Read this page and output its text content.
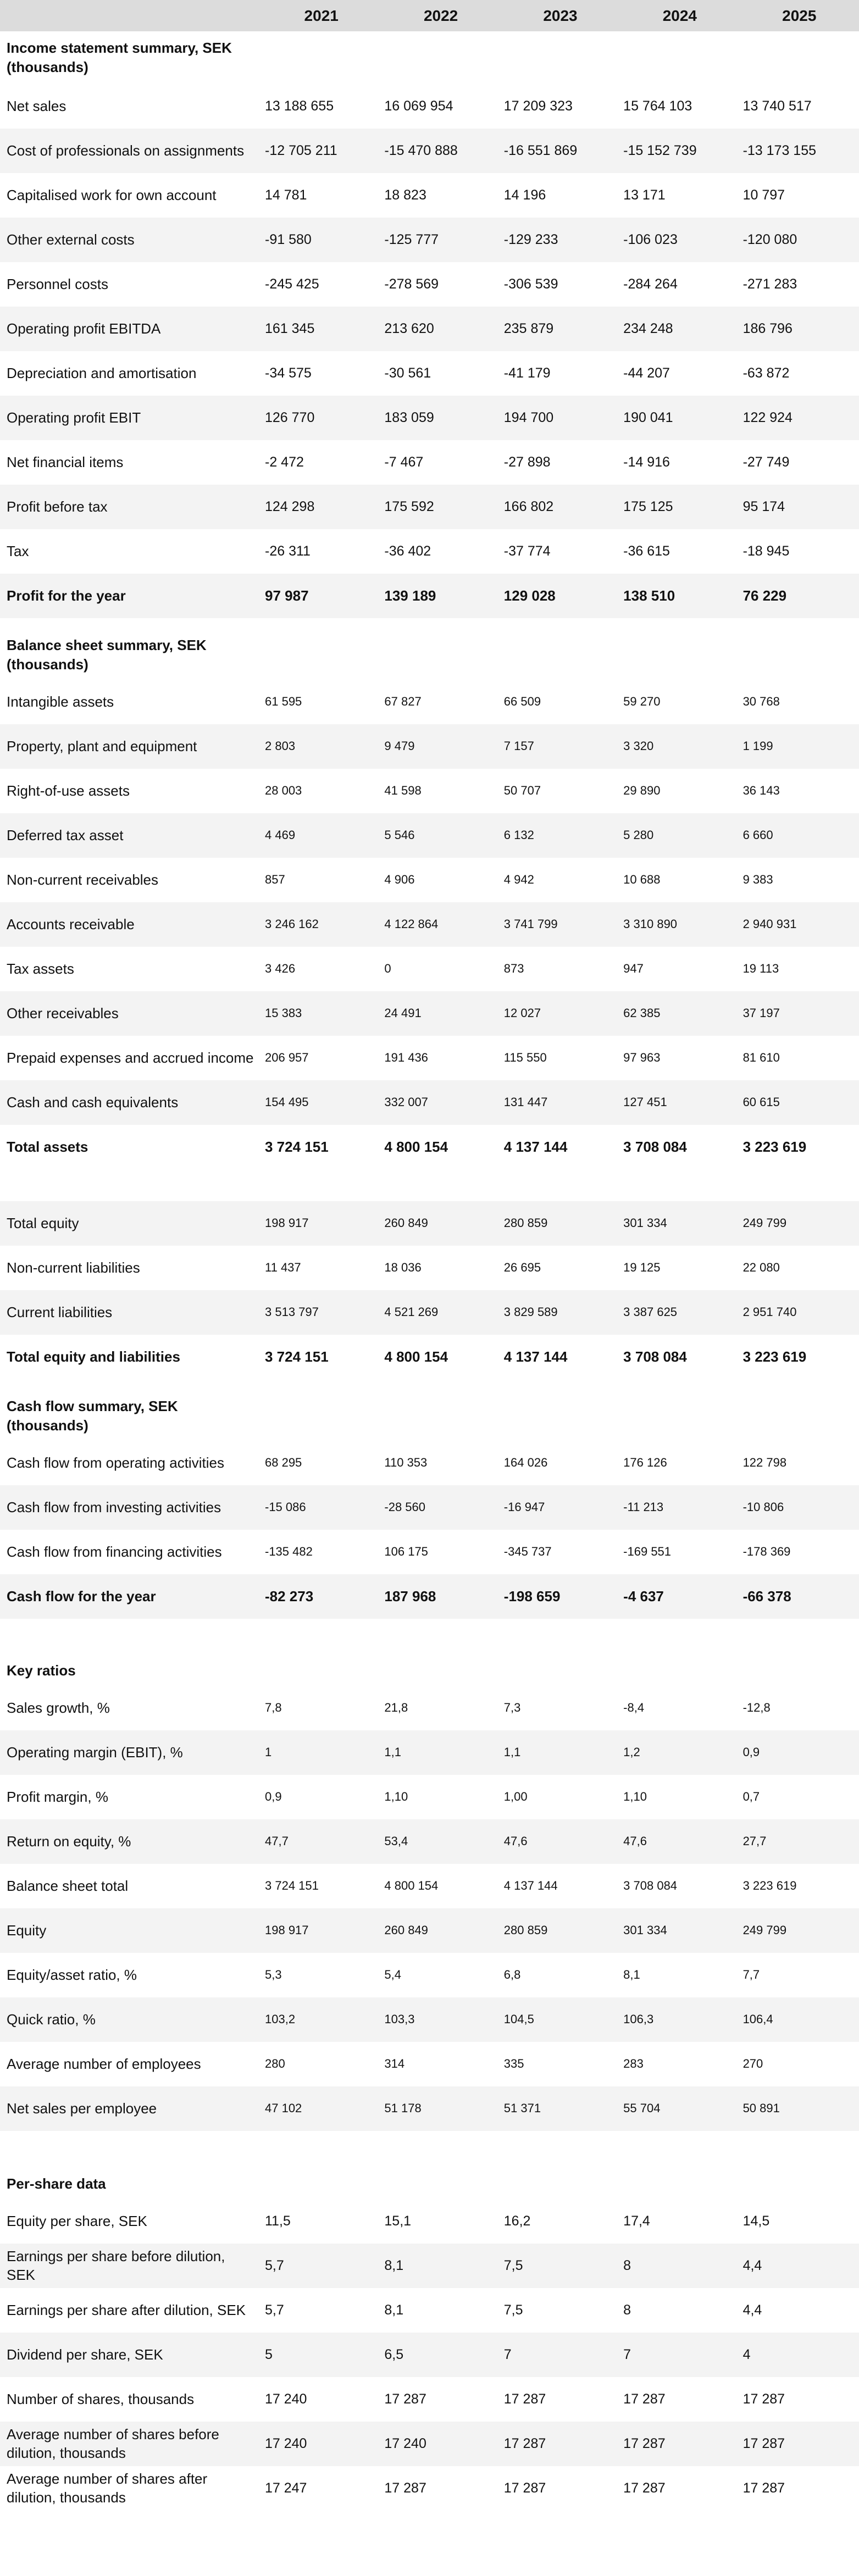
	2021	2022	2023	2024	2025
Income statement summary, SEK (thousands)					
Net sales	13 188 655	16 069 954	17 209 323	15 764 103	13 740 517
Cost of professionals on assignments	-12 705 211	-15 470 888	-16 551 869	-15 152 739	-13 173 155
Capitalised work for own account	14 781	18 823	14 196	13 171	10 797
Other external costs	-91 580	-125 777	-129 233	-106 023	-120 080
Personnel costs	-245 425	-278 569	-306 539	-284 264	-271 283
Operating profit EBITDA	161 345	213 620	235 879	234 248	186 796
Depreciation and amortisation	-34 575	-30 561	-41 179	-44 207	-63 872
Operating profit EBIT	126 770	183 059	194 700	190 041	122 924
Net financial items	-2 472	-7 467	-27 898	-14 916	-27 749
Profit before tax	124 298	175 592	166 802	175 125	95 174
Tax	-26 311	-36 402	-37 774	-36 615	-18 945
Profit for the year	97 987	139 189	129 028	138 510	76 229
Balance sheet summary, SEK (thousands)					
Intangible assets	61 595	67 827	66 509	59 270	30 768
Property, plant and equipment	2 803	9 479	7 157	3 320	1 199
Right-of-use assets	28 003	41 598	50 707	29 890	36 143
Deferred tax asset	4 469	5 546	6 132	5 280	6 660
Non-current receivables	857	4 906	4 942	10 688	9 383
Accounts receivable	3 246 162	4 122 864	3 741 799	3 310 890	2 940 931
Tax assets	3 426	0	873	947	19 113
Other receivables	15 383	24 491	12 027	62 385	37 197
Prepaid expenses and accrued income	206 957	191 436	115 550	97 963	81 610
Cash and cash equivalents	154 495	332 007	131 447	127 451	60 615
Total assets	3 724 151	4 800 154	4 137 144	3 708 084	3 223 619

Total equity	198 917	260 849	280 859	301 334	249 799
Non-current liabilities	11 437	18 036	26 695	19 125	22 080
Current liabilities	3 513 797	4 521 269	3 829 589	3 387 625	2 951 740
Total equity and liabilities	3 724 151	4 800 154	4 137 144	3 708 084	3 223 619
Cash flow summary, SEK (thousands)					
Cash flow from operating activities	68 295	110 353	164 026	176 126	122 798
Cash flow from investing activities	-15 086	-28 560	-16 947	-11 213	-10 806
Cash flow from financing activities	-135 482	106 175	-345 737	-169 551	-178 369
Cash flow for the year	-82 273	187 968	-198 659	-4 637	-66 378
Key ratios					
Sales growth, %	7,8	21,8	7,3	-8,4	-12,8
Operating margin (EBIT), %	1	1,1	1,1	1,2	0,9
Profit margin, %	0,9	1,10	1,00	1,10	0,7
Return on equity, %	47,7	53,4	47,6	47,6	27,7
Balance sheet total	3 724 151	4 800 154	4 137 144	3 708 084	3 223 619
Equity	198 917	260 849	280 859	301 334	249 799
Equity/asset ratio, %	5,3	5,4	6,8	8,1	7,7
Quick ratio, %	103,2	103,3	104,5	106,3	106,4
Average number of employees	280	314	335	283	270
Net sales per employee	47 102	51 178	51 371	55 704	50 891
Per-share data					
Equity per share, SEK	11,5	15,1	16,2	17,4	14,5
Earnings per share before dilution, SEK	5,7	8,1	7,5	8	4,4
Earnings per share after dilution, SEK	5,7	8,1	7,5	8	4,4
Dividend per share, SEK	5	6,5	7	7	4
Number of shares, thousands	17 240	17 287	17 287	17 287	17 287
Average number of shares before dilution, thousands	17 240	17 240	17 287	17 287	17 287
Average number of shares after dilution, thousands	17 247	17 287	17 287	17 287	17 287
